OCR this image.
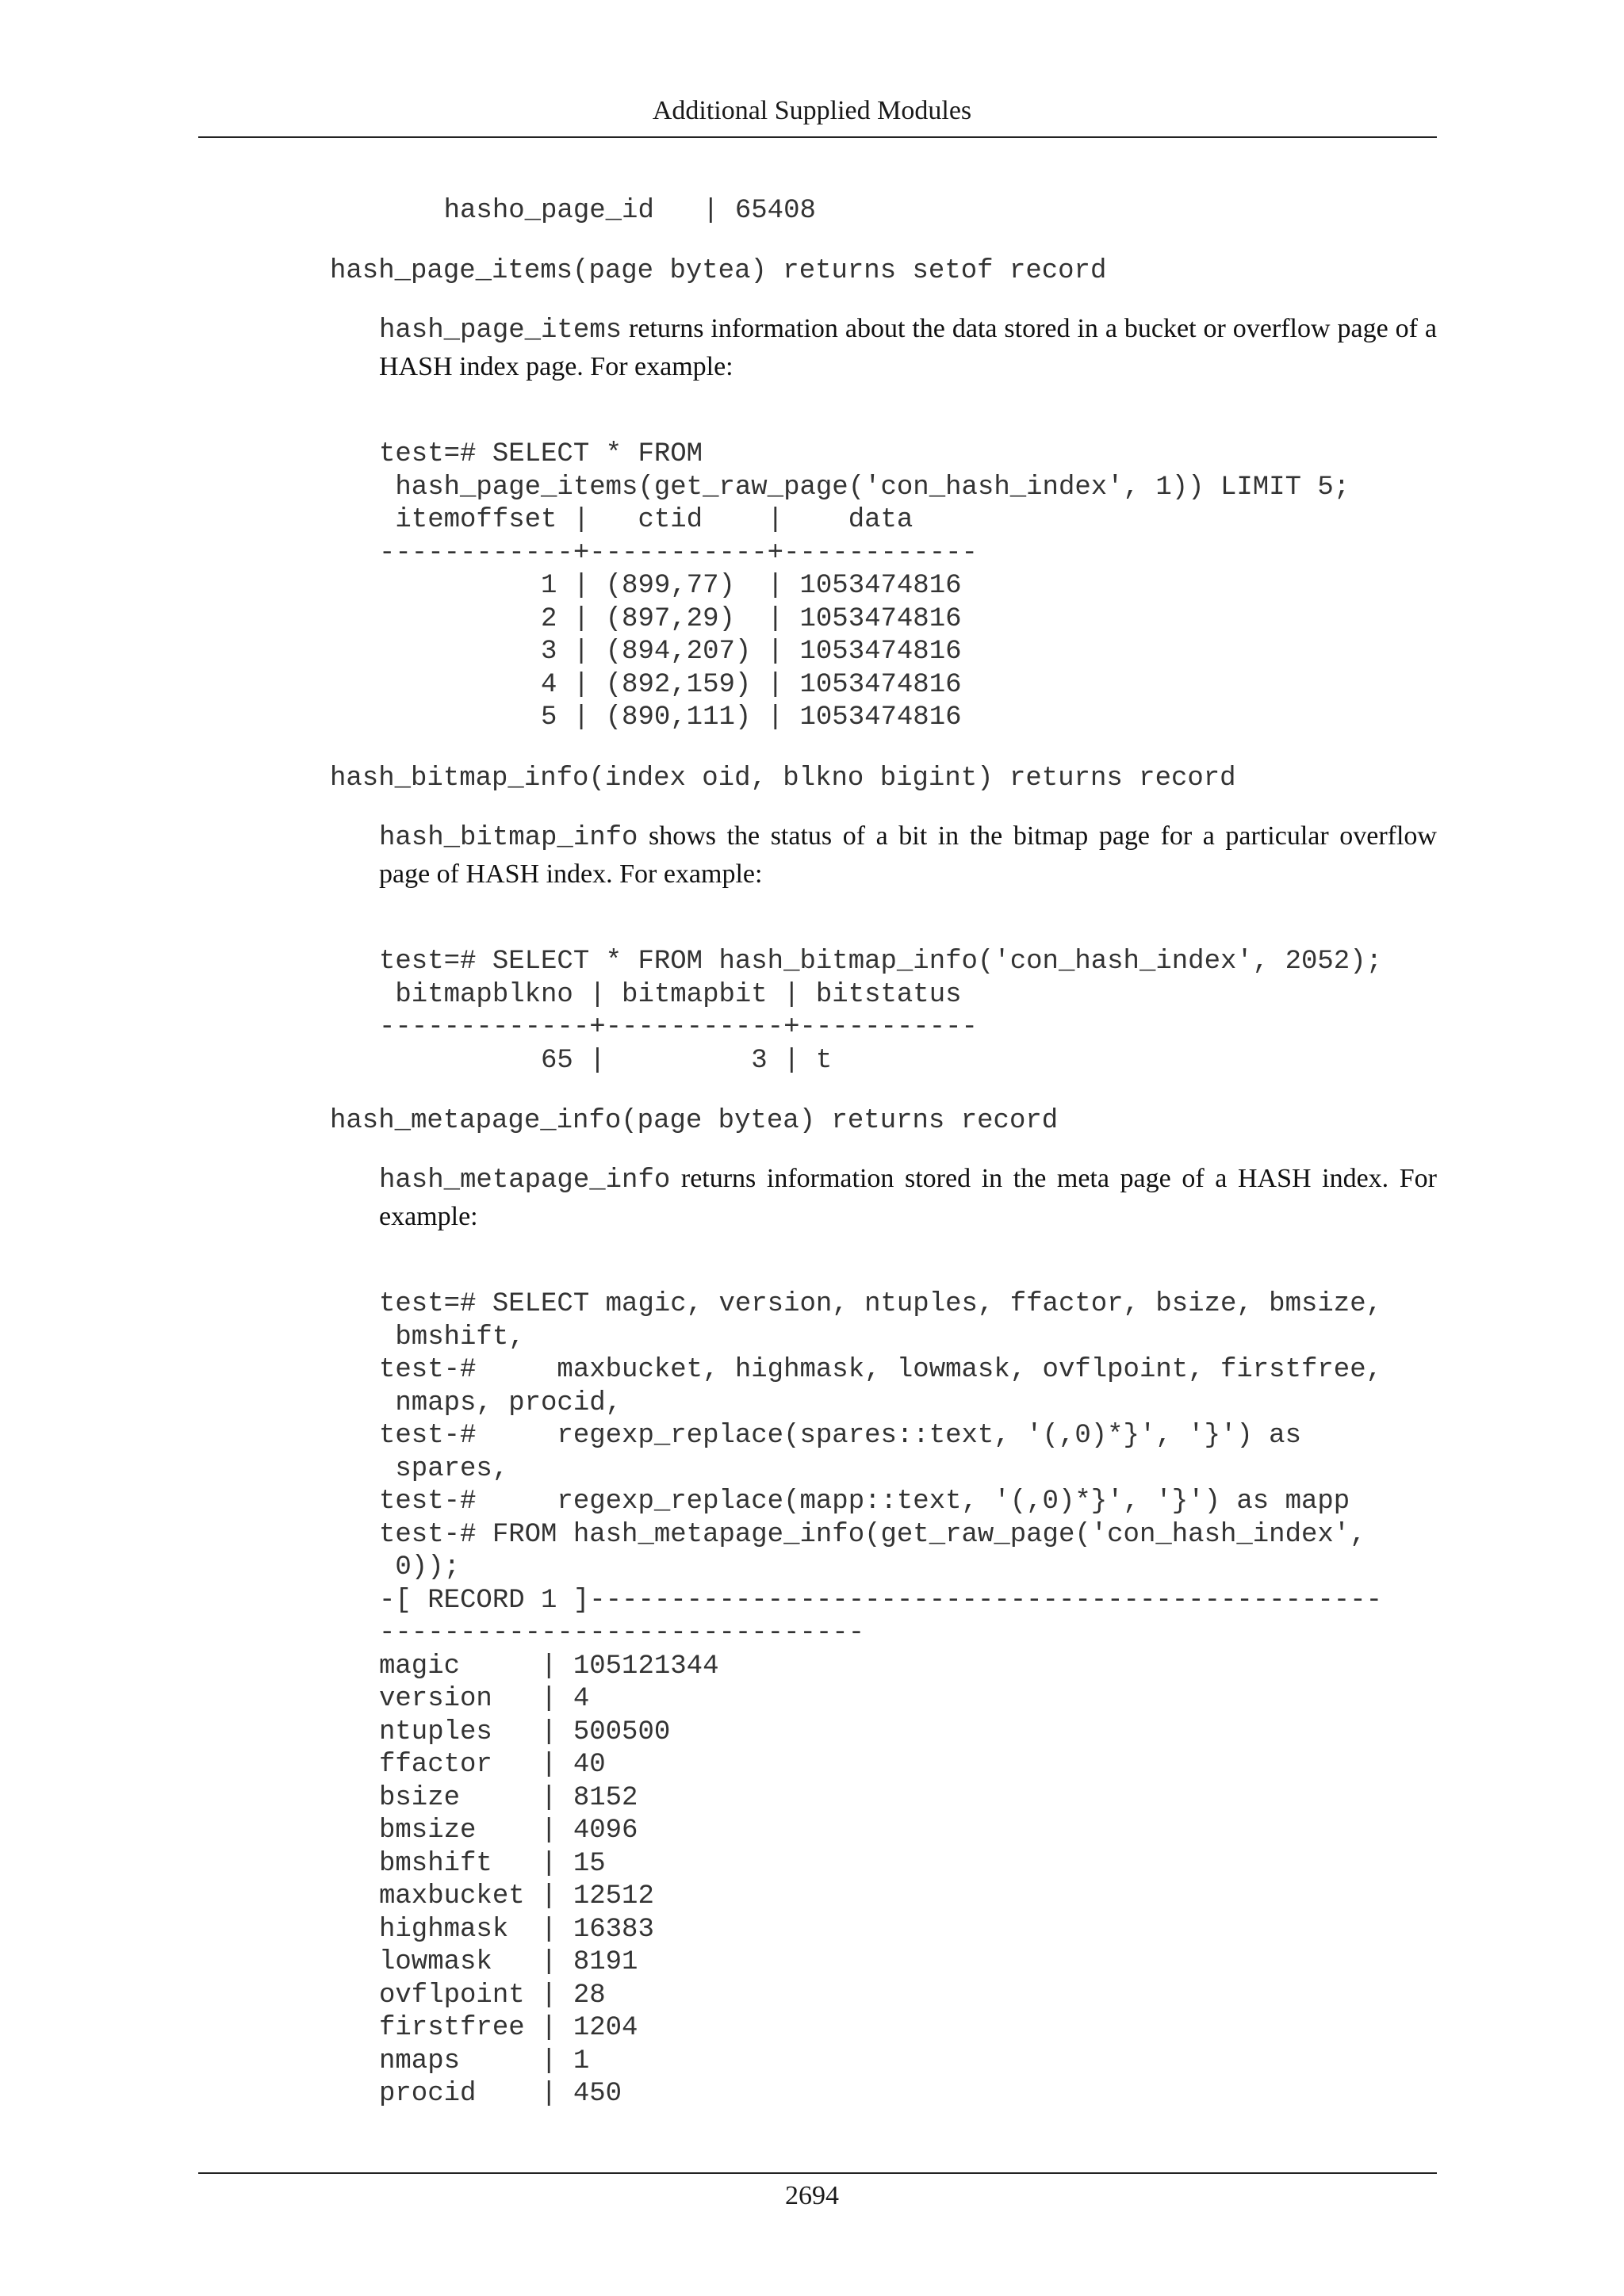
Additional Supplied Modules
hasho_page_id   | 65408
hash_page_items(page bytea) returns setof record
hash_page_items returns information about the data stored in a bucket or overflow page of a HASH index page. For example:
test=# SELECT * FROM
hash_page_items(get_raw_page('con_hash_index', 1)) LIMIT 5;
itemoffset |   ctid    |    data
------------+-----------+------------
1 | (899,77)  | 1053474816
2 | (897,29)  | 1053474816
3 | (894,207) | 1053474816
4 | (892,159) | 1053474816
5 | (890,111) | 1053474816
hash_bitmap_info(index oid, blkno bigint) returns record
hash_bitmap_info shows the status of a bit in the bitmap page for a particular overflow page of HASH index. For example:
test=# SELECT * FROM hash_bitmap_info('con_hash_index', 2052);
bitmapblkno | bitmapbit | bitstatus
-------------+-----------+-----------
65 |         3 | t
hash_metapage_info(page bytea) returns record
hash_metapage_info returns information stored in the meta page of a HASH index. For example:
test=# SELECT magic, version, ntuples, ffactor, bsize, bmsize,
bmshift,
test-#     maxbucket, highmask, lowmask, ovflpoint, firstfree,
nmaps, procid,
test-#     regexp_replace(spares::text, '(,0)*}', '}') as
spares,
test-#     regexp_replace(mapp::text, '(,0)*}', '}') as mapp
test-# FROM hash_metapage_info(get_raw_page('con_hash_index',
0));
-[ RECORD 1 ]-------------------------------------------------
------------------------------
magic     | 105121344
version   | 4
ntuples   | 500500
ffactor   | 40
bsize     | 8152
bmsize    | 4096
bmshift   | 15
maxbucket | 12512
highmask  | 16383
lowmask   | 8191
ovflpoint | 28
firstfree | 1204
nmaps     | 1
procid    | 450
2694
